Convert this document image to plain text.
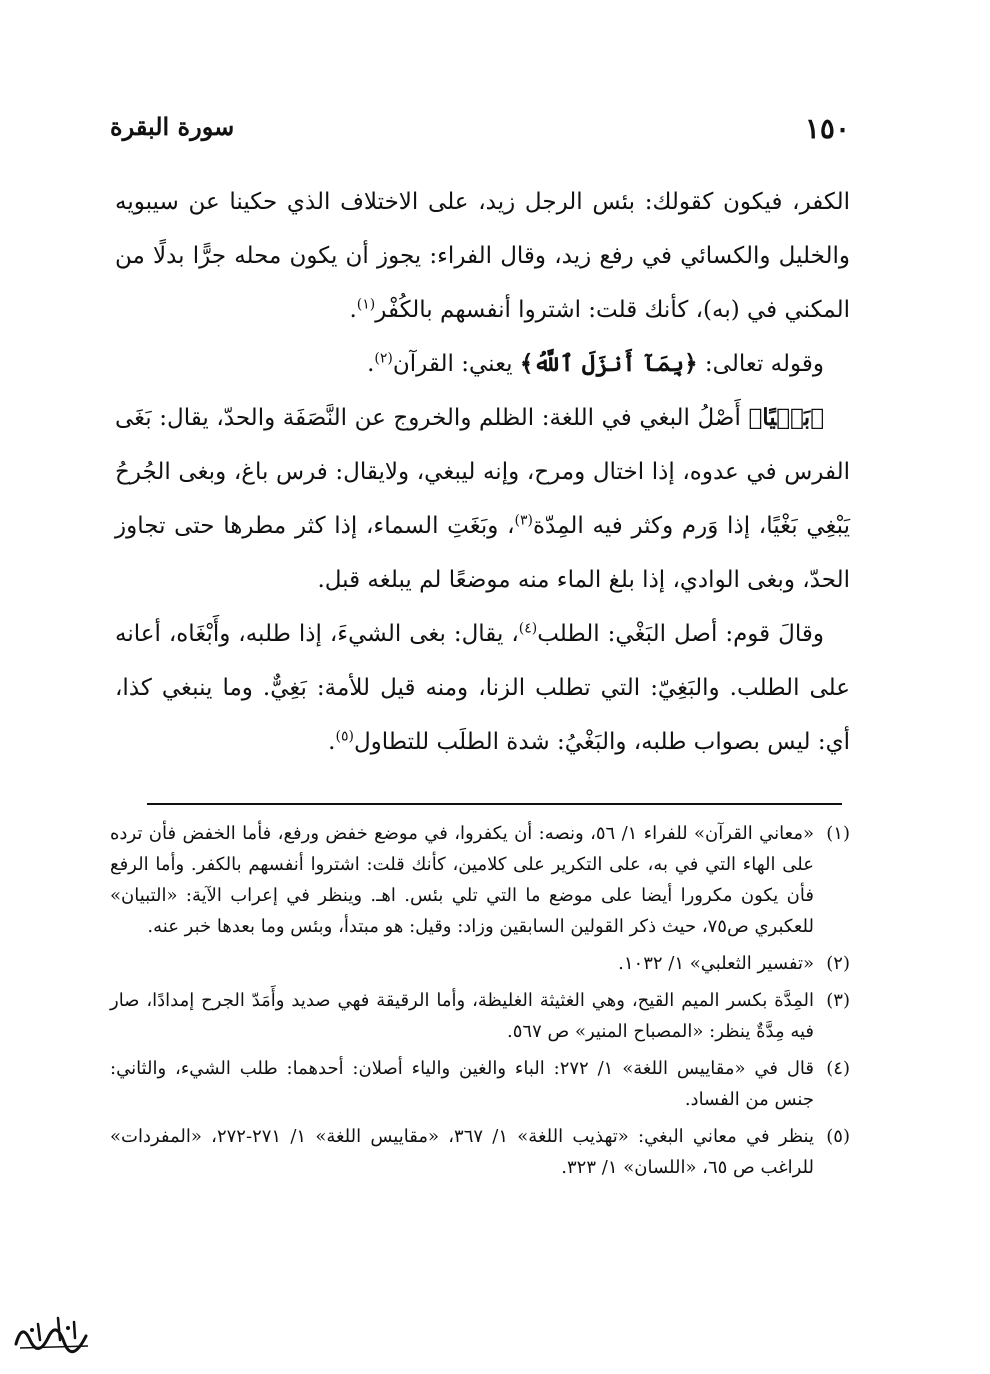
١٥٠
سورة البقرة

الكفر، فيكون كقولك: بئس الرجل زيد، على الاختلاف الذي حكينا عن سيبويه والخليل والكسائي في رفع زيد، وقال الفراء: يجوز أن يكون محله جرًّا بدلًا من المكني في (به)، كأنك قلت: اشتروا أنفسهم بالكُفْر$^{(١)}$.

وقوله تعالى: ﴿بِمَآ أَنزَلَ ٱللَّهُ﴾ يعني: القرآن$^{(٢)}$.

﴿بَغۡيًا﴾ أَصْلُ البغي في اللغة: الظلم والخروج عن النَّصَفَة والحدّ، يقال: بَغَى الفرس في عدوه، إذا اختال ومرح، وإنه ليبغي، ولايقال: فرس باغ، وبغى الجُرحُ يَبْغِي بَغْيًا، إذا وَرم وكثر فيه المِدّة$^{(٣)}$، وبَغَتِ السماء، إذا كثر مطرها حتى تجاوز الحدّ، وبغى الوادي، إذا بلغ الماء منه موضعًا لم يبلغه قبل.

وقالَ قوم: أصل البَغْي: الطلب$^{(٤)}$، يقال: بغى الشيءَ، إذا طلبه، وأَبْغَاه، أعانه على الطلب. والبَغِيّ: التي تطلب الزنا، ومنه قيل للأمة: بَغِيٌّ. وما ينبغي كذا، أي: ليس بصواب طلبه، والبَغْيُ: شدة الطلَب للتطاول$^{(٥)}$.

(١)
«معاني القرآن» للفراء ١/ ٥٦، ونصه: أن يكفروا، في موضع خفض ورفع، فأما الخفض فأن ترده على الهاء التي في به، على التكرير على كلامين، كأنك قلت: اشتروا أنفسهم بالكفر. وأما الرفع فأن يكون مكرورا أيضا على موضع ما التي تلي بئس. اهـ. وينظر في إعراب الآية: «التبيان» للعكبري ص٧٥، حيث ذكر القولين السابقين وزاد: وقيل: هو مبتدأ، وبئس وما بعدها خبر عنه.
(٢)
«تفسير الثعلبي» ١/ ١٠٣٢.
(٣)
المِدَّة بكسر الميم القيح، وهي الغثيثة الغليظة، وأما الرقيقة فهي صديد وأَمَدّ الجرح إمدادًا، صار فيه مِدَّةٌ ينظر: «المصباح المنير» ص ٥٦٧.
(٤)
قال في «مقاييس اللغة» ١/ ٢٧٢: الباء والغين والياء أصلان: أحدهما: طلب الشيء، والثاني: جنس من الفساد.
(٥)
ينظر في معاني البغي: «تهذيب اللغة» ١/ ٣٦٧، «مقاييس اللغة» ١/ ٢٧١-٢٧٢، «المفردات» للراغب ص ٦٥، «اللسان» ١/ ٣٢٣.
